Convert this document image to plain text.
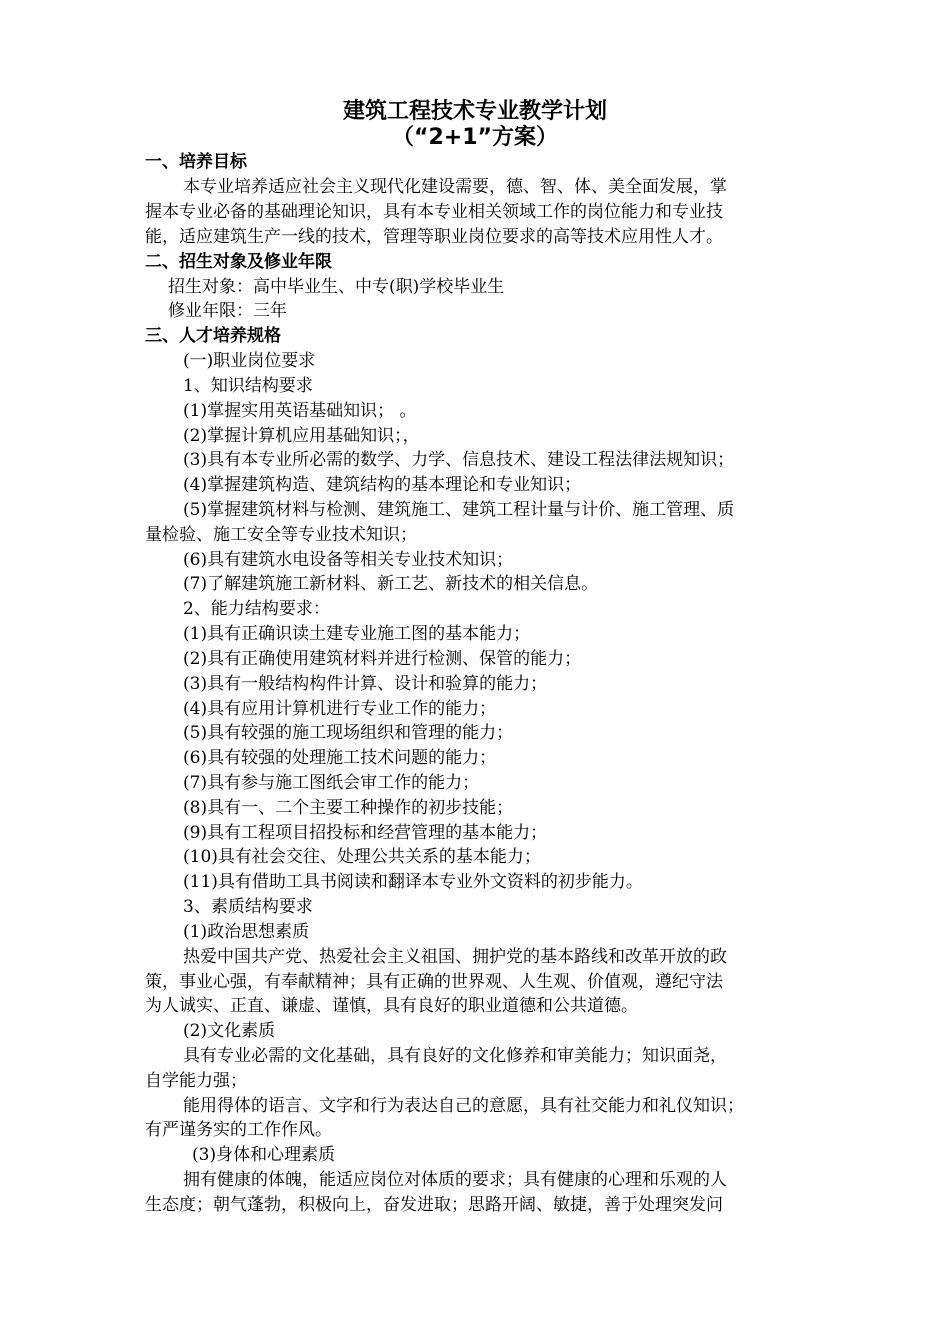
建筑工程技术专业教学计划
（“2+1”方案）
一、培养目标
本专业培养适应社会主义现代化建设需要，德、智、体、美全面发展，掌
握本专业必备的基础理论知识，具有本专业相关领域工作的岗位能力和专业技
能，适应建筑生产一线的技术，管理等职业岗位要求的高等技术应用性人才。
二、招生对象及修业年限
招生对象：高中毕业生、中专(职)学校毕业生
修业年限：三年
三、人才培养规格
(一)职业岗位要求
1、知识结构要求
(1)掌握实用英语基础知识； 。
(2)掌握计算机应用基础知识；，
(3)具有本专业所必需的数学、力学、信息技术、建设工程法律法规知识；
(4)掌握建筑构造、建筑结构的基本理论和专业知识；
(5)掌握建筑材料与检测、建筑施工、建筑工程计量与计价、施工管理、质
量检验、施工安全等专业技术知识；
(6)具有建筑水电设备等相关专业技术知识；
(7)了解建筑施工新材料、新工艺、新技术的相关信息。
2、能力结构要求：
(1)具有正确识读土建专业施工图的基本能力；
(2)具有正确使用建筑材料并进行检测、保管的能力；
(3)具有一般结构构件计算、设计和验算的能力；
(4)具有应用计算机进行专业工作的能力；
(5)具有较强的施工现场组织和管理的能力；
(6)具有较强的处理施工技术问题的能力；
(7)具有参与施工图纸会审工作的能力；
(8)具有一、二个主要工种操作的初步技能；
(9)具有工程项目招投标和经营管理的基本能力；
(10)具有社会交往、处理公共关系的基本能力；
(11)具有借助工具书阅读和翻译本专业外文资料的初步能力。
3、素质结构要求
(1)政治思想素质
热爱中国共产党、热爱社会主义祖国、拥护党的基本路线和改革开放的政
策，事业心强，有奉献精神；具有正确的世界观、人生观、价值观，遵纪守法
为人诚实、正直、谦虚、谨慎，具有良好的职业道德和公共道德。
(2)文化素质
具有专业必需的文化基础，具有良好的文化修养和审美能力；知识面尧，
自学能力强；
能用得体的语言、文字和行为表达自己的意愿，具有社交能力和礼仪知识；
有严谨务实的工作作风。
(3)身体和心理素质
拥有健康的体魄，能适应岗位对体质的要求；具有健康的心理和乐观的人
生态度；朝气蓬勃，积极向上，奋发进取；思路开阔、敏捷，善于处理突发问
